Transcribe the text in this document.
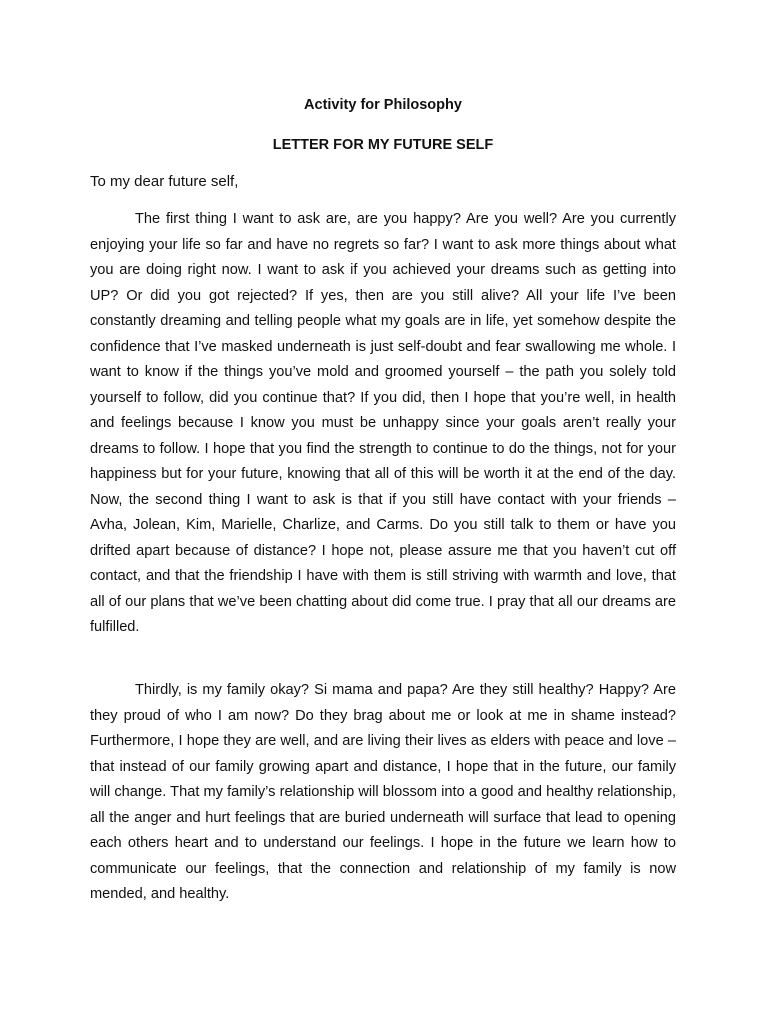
Activity for Philosophy

LETTER FOR MY FUTURE SELF

To my dear future self,

The first thing I want to ask are, are you happy? Are you well? Are you currently enjoying your life so far and have no regrets so far? I want to ask more things about what you are doing right now. I want to ask if you achieved your dreams such as getting into UP? Or did you got rejected? If yes, then are you still alive? All your life I’ve been constantly dreaming and telling people what my goals are in life, yet somehow despite the confidence that I’ve masked underneath is just self-doubt and fear swallowing me whole. I want to know if the things you’ve mold and groomed yourself – the path you solely told yourself to follow, did you continue that? If you did, then I hope that you’re well, in health and feelings because I know you must be unhappy since your goals aren’t really your dreams to follow. I hope that you find the strength to continue to do the things, not for your happiness but for your future, knowing that all of this will be worth it at the end of the day. Now, the second thing I want to ask is that if you still have contact with your friends – Avha, Jolean, Kim, Marielle, Charlize, and Carms. Do you still talk to them or have you drifted apart because of distance? I hope not, please assure me that you haven’t cut off contact, and that the friendship I have with them is still striving with warmth and love, that all of our plans that we’ve been chatting about did come true. I pray that all our dreams are fulfilled.

Thirdly, is my family okay? Si mama and papa? Are they still healthy? Happy? Are they proud of who I am now? Do they brag about me or look at me in shame instead? Furthermore, I hope they are well, and are living their lives as elders with peace and love – that instead of our family growing apart and distance, I hope that in the future, our family will change. That my family’s relationship will blossom into a good and healthy relationship, all the anger and hurt feelings that are buried underneath will surface that lead to opening each others heart and to understand our feelings. I hope in the future we learn how to communicate our feelings, that the connection and relationship of my family is now mended, and healthy.
